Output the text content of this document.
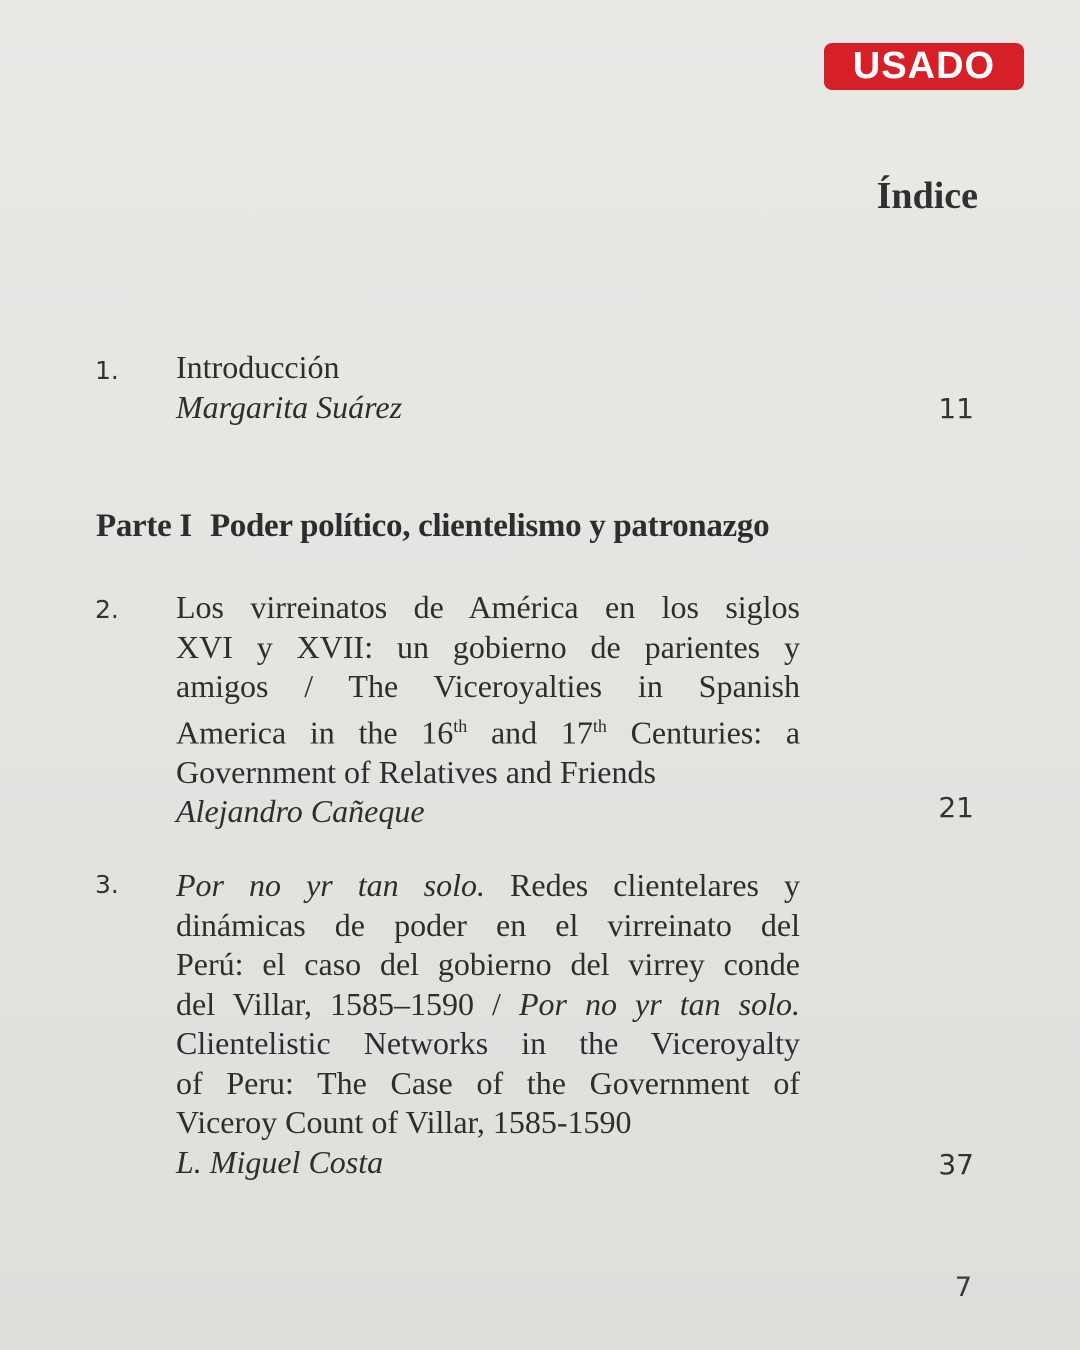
USADO
Índice
1. Introducción
Margarita Suárez	11
Parte I Poder político, clientelismo y patronazgo
2. Los virreinatos de América en los siglos
XVI y XVII: un gobierno de parientes y
amigos / The Viceroyalties in Spanish
America in the 16th and 17th Centuries: a
Government of Relatives and Friends
Alejandro Cañeque	21
3. Por no yr tan solo. Redes clientelares y
dinámicas de poder en el virreinato del
Perú: el caso del gobierno del virrey conde
del Villar, 1585–1590 / Por no yr tan solo.
Clientelistic Networks in the Viceroyalty
of Peru: The Case of the Government of
Viceroy Count of Villar, 1585-1590
L. Miguel Costa	37
7
